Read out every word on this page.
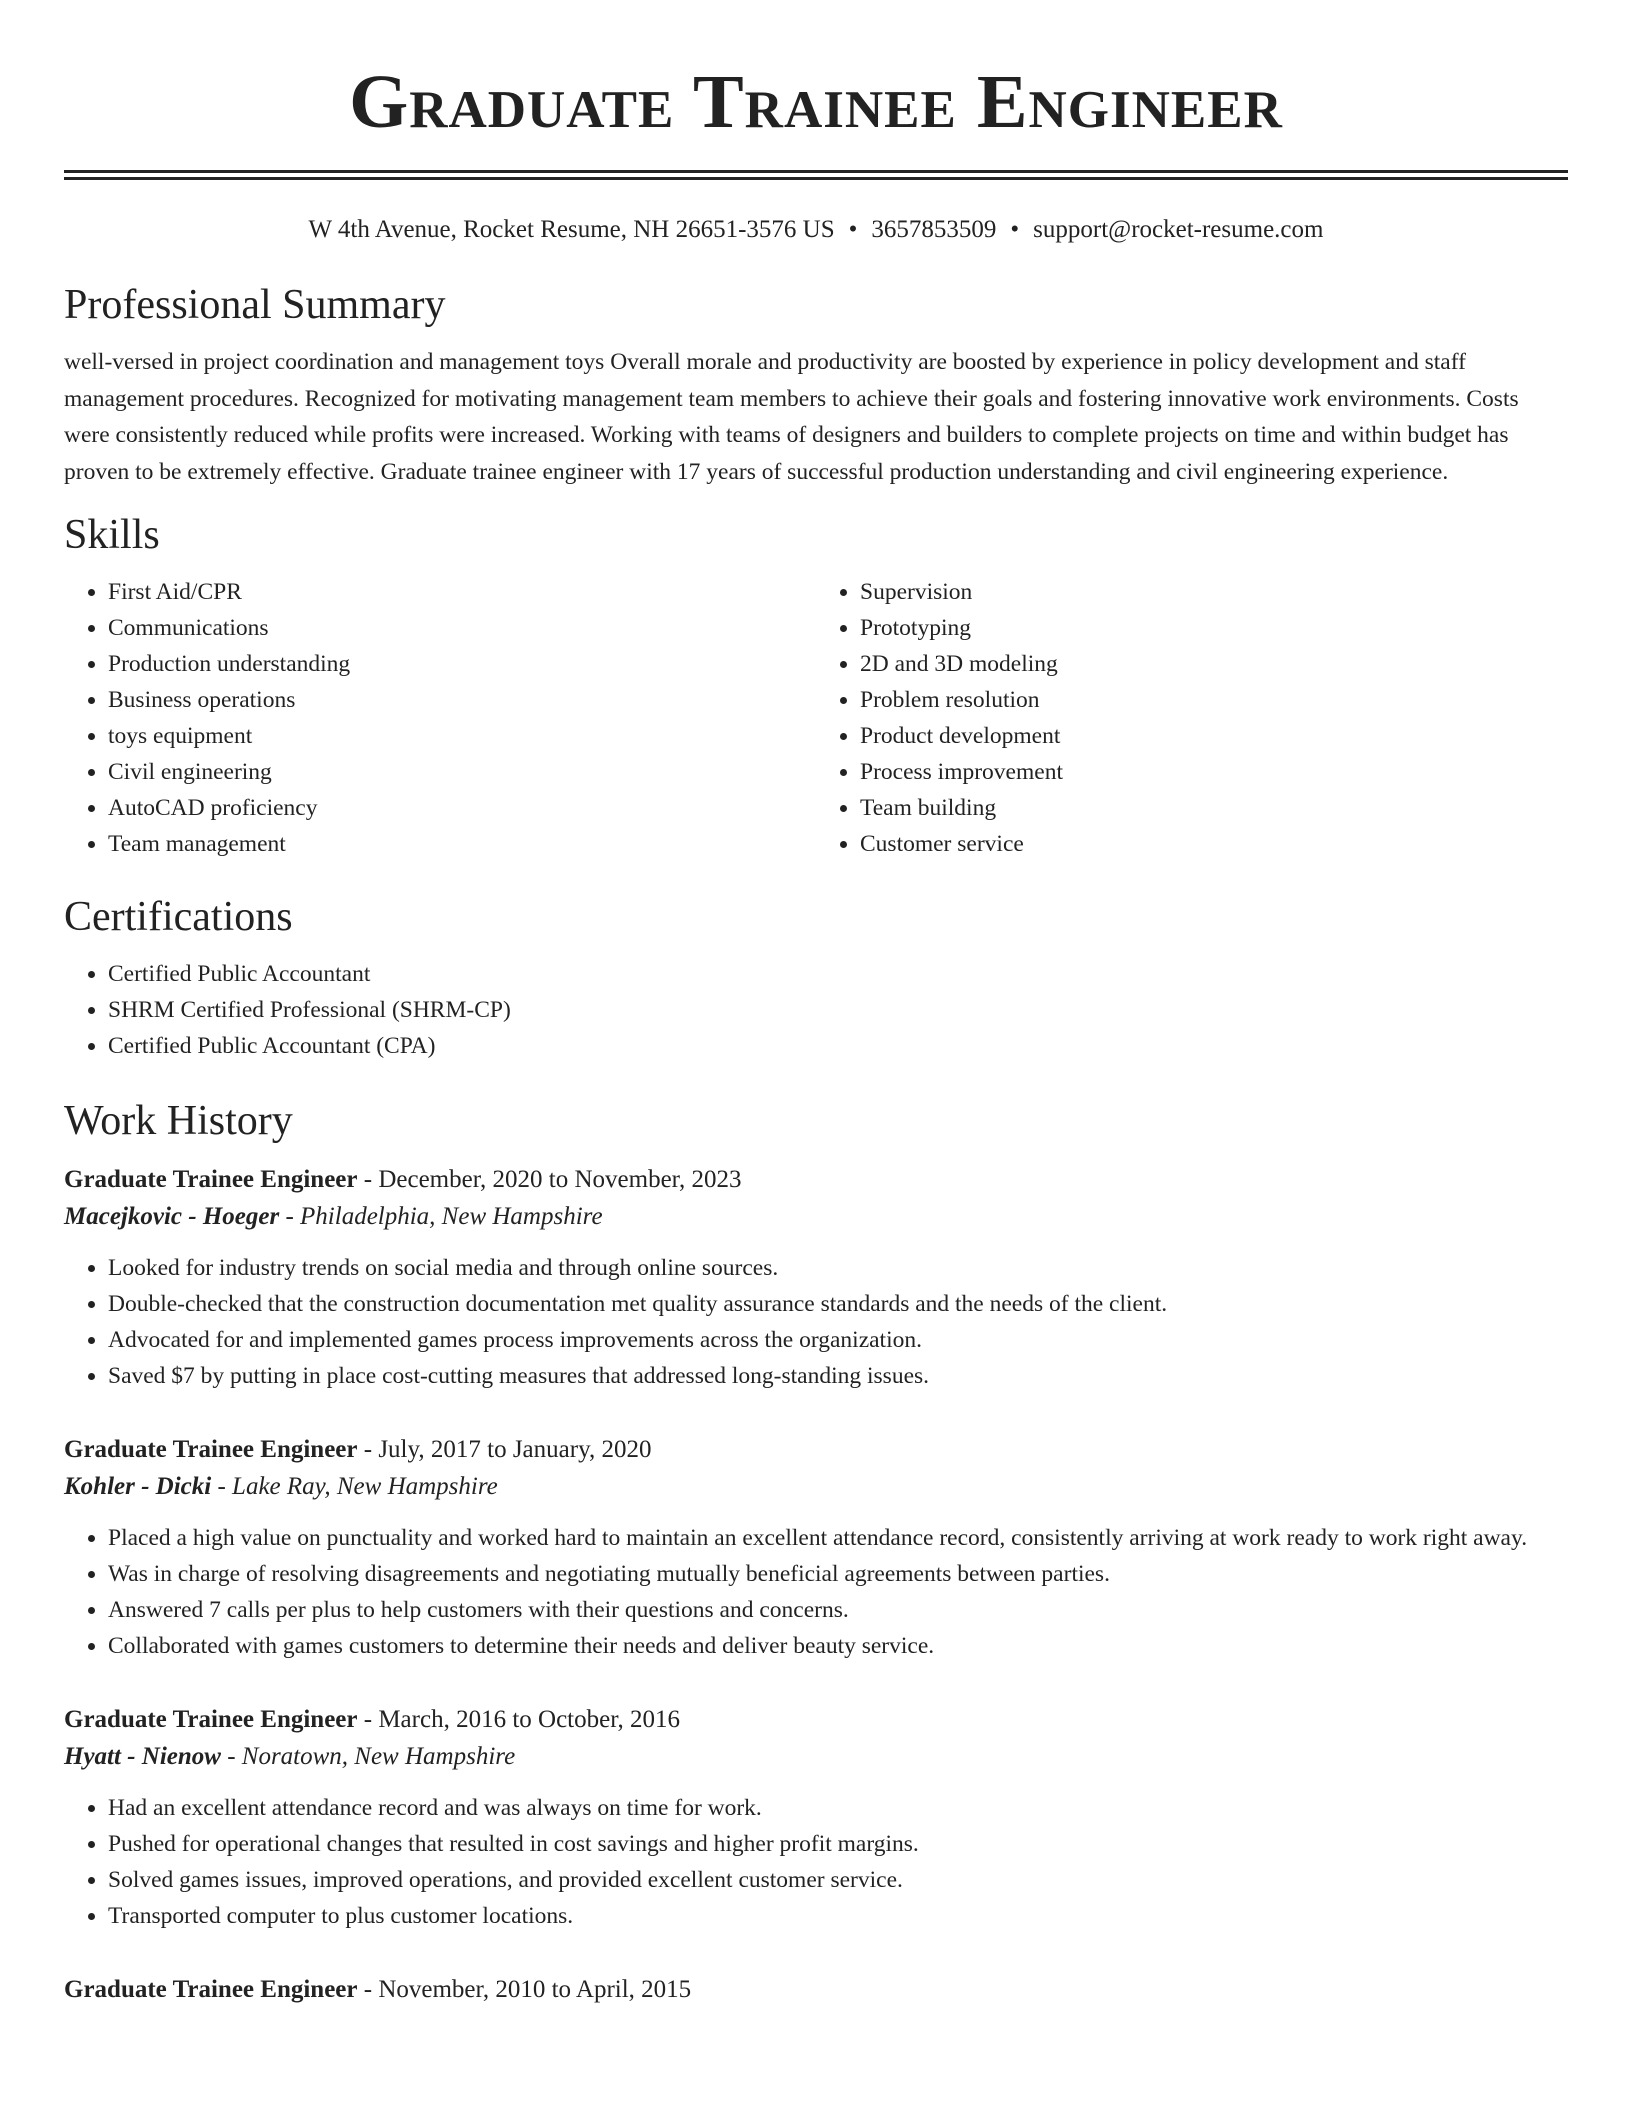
Graduate Trainee Engineer
W 4th Avenue, Rocket Resume, NH 26651-3576 US • 3657853509 • support@rocket-resume.com
Professional Summary

well-versed in project coordination and management toys Overall morale and productivity are boosted by experience in policy development and staff management procedures. Recognized for motivating management team members to achieve their goals and fostering innovative work environments. Costs were consistently reduced while profits were increased. Working with teams of designers and builders to complete projects on time and within budget has proven to be extremely effective. Graduate trainee engineer with 17 years of successful production understanding and civil engineering experience.

Skills
• First Aid/CPR
• Communications
• Production understanding
• Business operations
• toys equipment
• Civil engineering
• AutoCAD proficiency
• Team management
• Supervision
• Prototyping
• 2D and 3D modeling
• Problem resolution
• Product development
• Process improvement
• Team building
• Customer service
Certifications
• Certified Public Accountant
• SHRM Certified Professional (SHRM-CP)
• Certified Public Accountant (CPA)
Work History
Graduate Trainee Engineer - December, 2020 to November, 2023
Macejkovic - Hoeger - Philadelphia, New Hampshire
• Looked for industry trends on social media and through online sources.
• Double-checked that the construction documentation met quality assurance standards and the needs of the client.
• Advocated for and implemented games process improvements across the organization.
• Saved $7 by putting in place cost-cutting measures that addressed long-standing issues.
Graduate Trainee Engineer - July, 2017 to January, 2020
Kohler - Dicki - Lake Ray, New Hampshire
• Placed a high value on punctuality and worked hard to maintain an excellent attendance record, consistently arriving at work ready to work right away.
• Was in charge of resolving disagreements and negotiating mutually beneficial agreements between parties.
• Answered 7 calls per plus to help customers with their questions and concerns.
• Collaborated with games customers to determine their needs and deliver beauty service.
Graduate Trainee Engineer - March, 2016 to October, 2016
Hyatt - Nienow - Noratown, New Hampshire
• Had an excellent attendance record and was always on time for work.
• Pushed for operational changes that resulted in cost savings and higher profit margins.
• Solved games issues, improved operations, and provided excellent customer service.
• Transported computer to plus customer locations.
Graduate Trainee Engineer - November, 2010 to April, 2015
